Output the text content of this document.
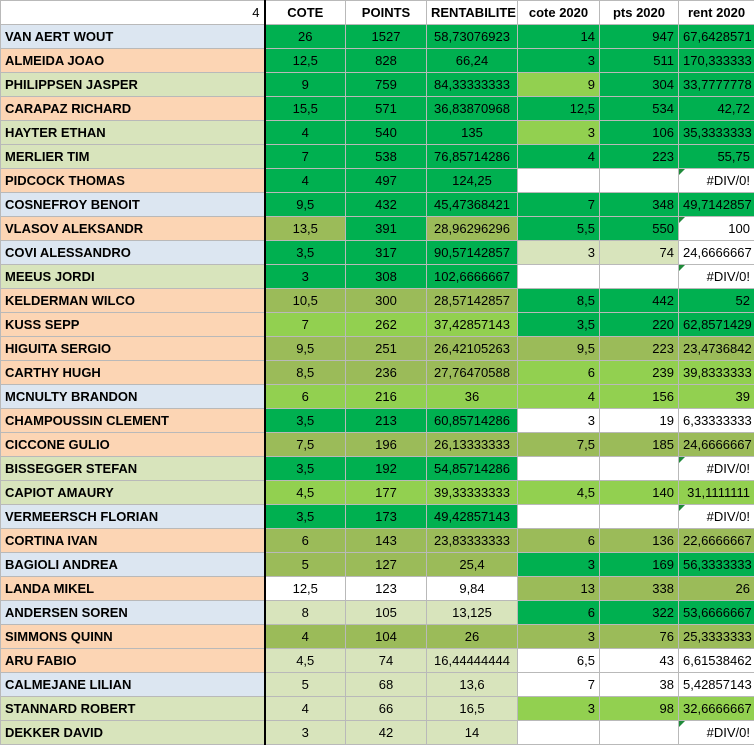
4	COTE	POINTS	RENTABILITE	cote 2020	pts 2020	rent 2020
VAN AERT WOUT	26	1527	58,73076923	14	947	67,6428571
ALMEIDA JOAO	12,5	828	66,24	3	511	170,333333
PHILIPPSEN JASPER	9	759	84,33333333	9	304	33,7777778
CARAPAZ RICHARD	15,5	571	36,83870968	12,5	534	42,72
HAYTER ETHAN	4	540	135	3	106	35,3333333
MERLIER TIM	7	538	76,85714286	4	223	55,75
PIDCOCK THOMAS	4	497	124,25			#DIV/0!
COSNEFROY BENOIT	9,5	432	45,47368421	7	348	49,7142857
VLASOV ALEKSANDR	13,5	391	28,96296296	5,5	550	100
COVI ALESSANDRO	3,5	317	90,57142857	3	74	24,6666667
MEEUS JORDI	3	308	102,6666667			#DIV/0!
KELDERMAN WILCO	10,5	300	28,57142857	8,5	442	52
KUSS SEPP	7	262	37,42857143	3,5	220	62,8571429
HIGUITA SERGIO	9,5	251	26,42105263	9,5	223	23,4736842
CARTHY HUGH	8,5	236	27,76470588	6	239	39,8333333
MCNULTY BRANDON	6	216	36	4	156	39
CHAMPOUSSIN CLEMENT	3,5	213	60,85714286	3	19	6,33333333
CICCONE GULIO	7,5	196	26,13333333	7,5	185	24,6666667
BISSEGGER STEFAN	3,5	192	54,85714286			#DIV/0!
CAPIOT AMAURY	4,5	177	39,33333333	4,5	140	31,1111111
VERMEERSCH FLORIAN	3,5	173	49,42857143			#DIV/0!
CORTINA IVAN	6	143	23,83333333	6	136	22,6666667
BAGIOLI ANDREA	5	127	25,4	3	169	56,3333333
LANDA MIKEL	12,5	123	9,84	13	338	26
ANDERSEN SOREN	8	105	13,125	6	322	53,6666667
SIMMONS QUINN	4	104	26	3	76	25,3333333
ARU FABIO	4,5	74	16,44444444	6,5	43	6,61538462
CALMEJANE LILIAN	5	68	13,6	7	38	5,42857143
STANNARD ROBERT	4	66	16,5	3	98	32,6666667
DEKKER DAVID	3	42	14			#DIV/0!
